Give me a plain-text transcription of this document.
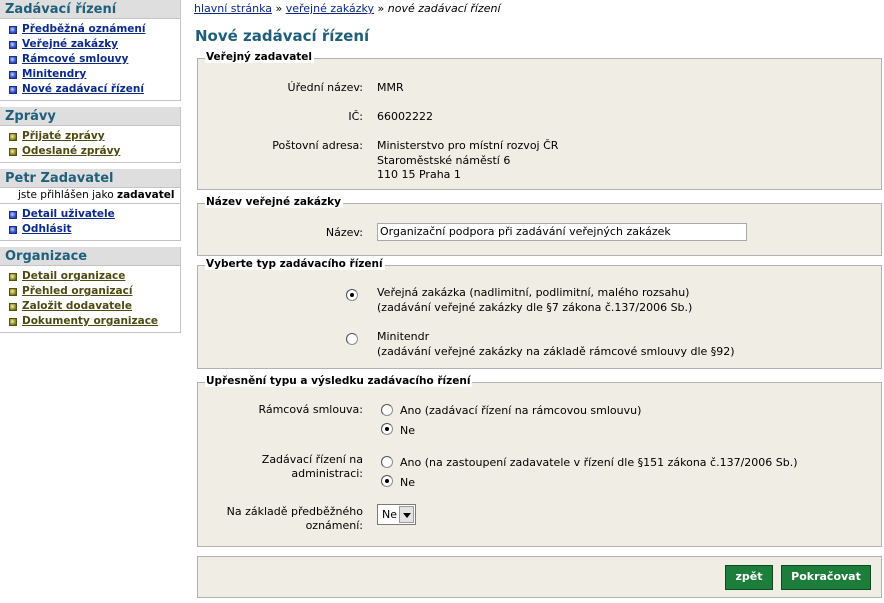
Zadávací řízení
Předběžná oznámení
Veřejné zakázky
Rámcové smlouvy
Minitendry
Nové zadávací řízení
Zprávy
Přijaté zprávy
Odeslané zprávy
Petr Zadavatel
jste přihlášen jako zadavatel
Detail uživatele
Odhlásit
Organizace
Detail organizace
Přehled organizací
Založit dodavatele
Dokumenty organizace
hlavní stránka » veřejné zakázky » nové zadávací řízení
Nové zadávací řízení
Veřejný zadavatel
Úřední název: MMR
IČ: 66002222
Poštovní adresa: Ministerstvo pro místní rozvoj ČR
Staroměstské náměstí 6
110 15 Praha 1
Název veřejné zakázky
Název: Organizační podpora při zadávání veřejných zakázek
Vyberte typ zadávacího řízení
Veřejná zakázka (nadlimitní, podlimitní, malého rozsahu)
(zadávání veřejné zakázky dle §7 zákona č.137/2006 Sb.)
Minitendr
(zadávání veřejné zakázky na základě rámcové smlouvy dle §92)
Upřesnění typu a výsledku zadávacího řízení
Rámcová smlouva:	Ano (zadávací řízení na rámcovou smlouvu)
Ne
Zadávací řízení na
administraci:
Ano (na zastoupení zadavatele v řízení dle §151 zákona č.137/2006 Sb.)
Ne
Na základě předběžného
oznámení:
Ne
zpět	Pokračovat
